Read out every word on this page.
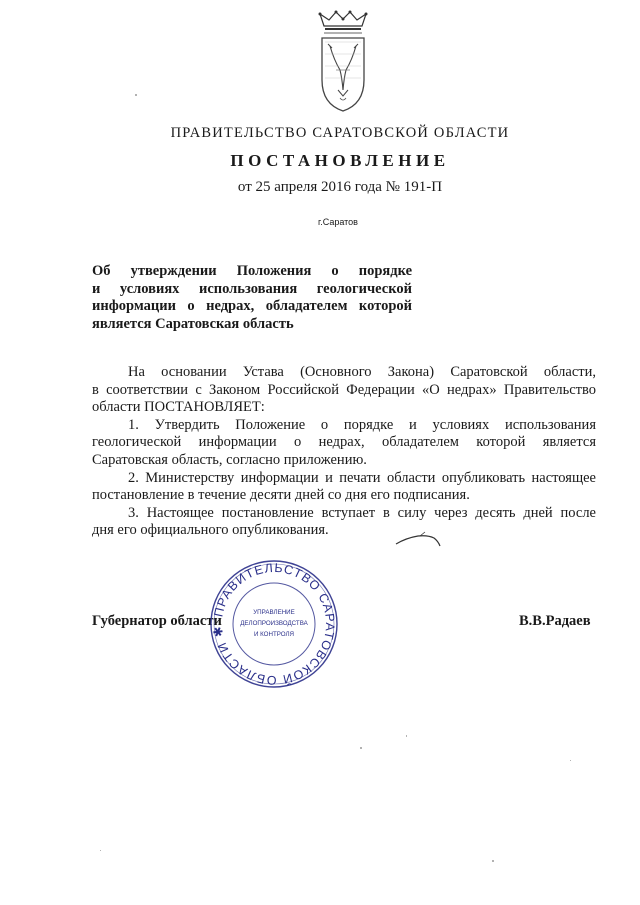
ПРАВИТЕЛЬСТВО САРАТОВСКОЙ ОБЛАСТИ
ПОСТАНОВЛЕНИЕ
от 25 апреля 2016 года № 191-П
г.Саратов
Об утверждении Положения о порядке
и условиях использования геологической
информации о недрах, обладателем которой
является Саратовская область
На основании Устава (Основного Закона) Саратовской области,
в соответствии с Законом Российской Федерации «О недрах» Правительство
области ПОСТАНОВЛЯЕТ:
1. Утвердить Положение о порядке и условиях использования
геологической информации о недрах, обладателем которой является
Саратовская область, согласно приложению.
2. Министерству информации и печати области опубликовать настоящее
постановление в течение десяти дней со дня его подписания.
3. Настоящее постановление вступает в силу через десять дней после
дня его официального опубликования.
Губернатор области	В.В.Радаев
ПРАВИТЕЛЬСТВО САРАТОВСКОЙ ОБЛАСТИ ✱
УПРАВЛЕНИЕ
ДЕЛОПРОИЗВОДСТВА
И КОНТРОЛЯ
